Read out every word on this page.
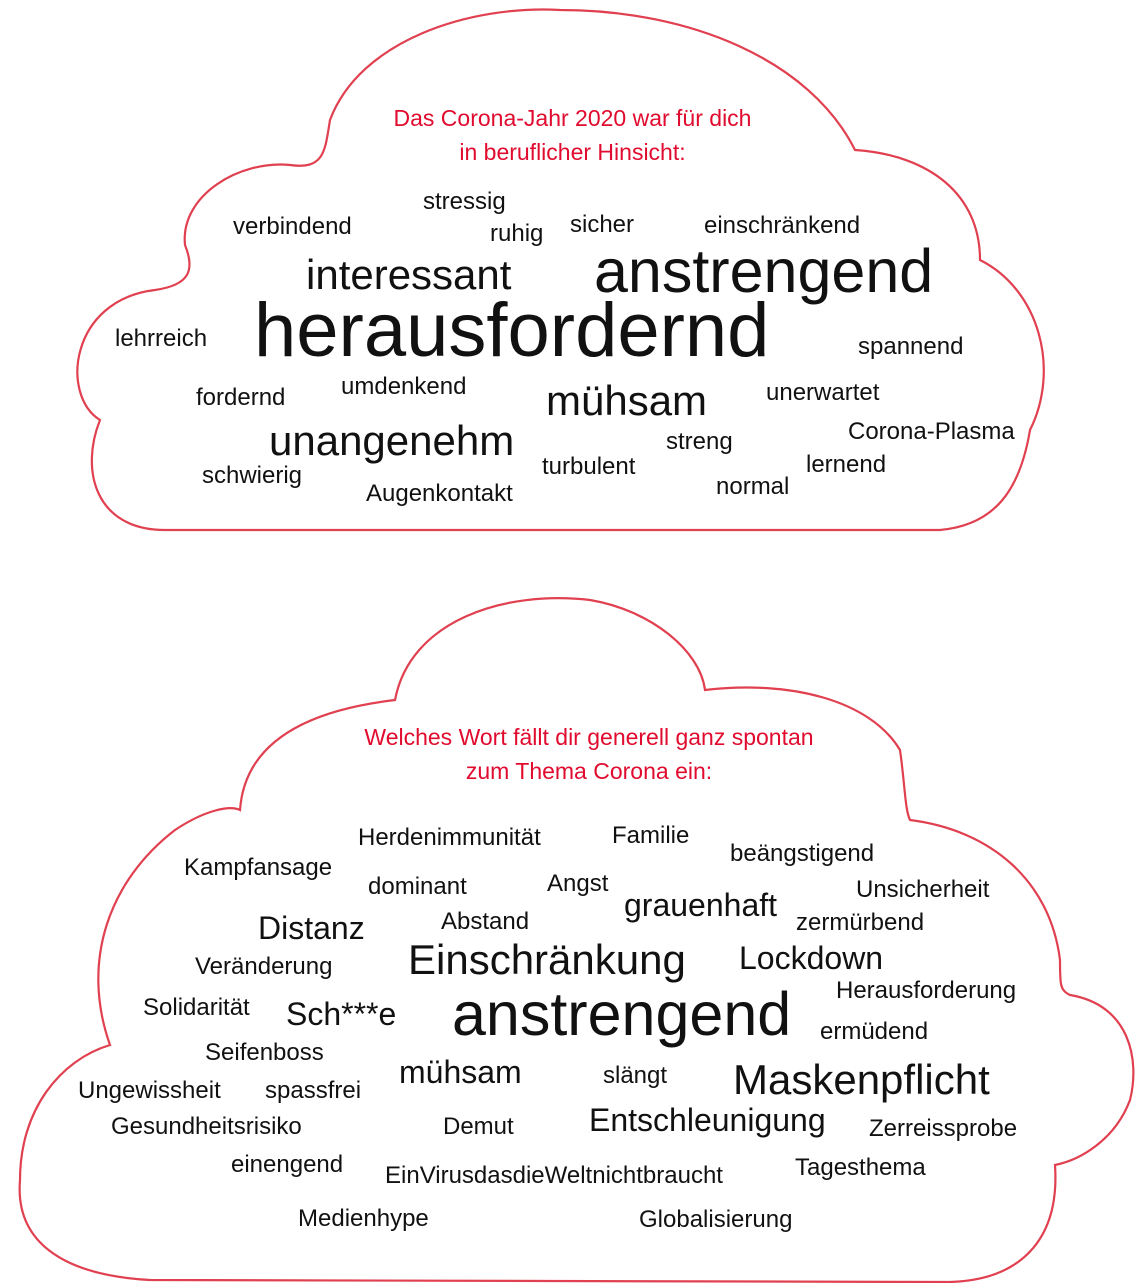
Das Corona-Jahr 2020 war für dich
in beruflicher Hinsicht:
stressig
verbindend	ruhig sicher	einschränkend
interessant anstrengend
herausfordernd
lehrreich	spannend
umdenkend
fordernd	mühsam unerwartet
unangenehm	Corona-Plasma
streng
turbulent	lernend
schwierig	normal
Augenkontakt
Welches Wort fällt dir generell ganz spontan
zum Thema Corona ein:
Herdenimmunität	Familie
beängstigend
Kampfansage
dominant	Angst	Unsicherheit
grauenhaft
Distanz	Abstand	zermürbend
Einschränkung Lockdown
Veränderung
Herausforderung
Solidarität Sch***e anstrengend ermüdend
Seifenboss
mühsam	slängt Maskenpflicht
Ungewissheit spassfrei
Entschleunigung
Gesundheitsrisiko	Demut	Zerreissprobe
einengend EinVirusdasdieWeltnichtbraucht	Tagesthema
Medienhype	Globalisierung
